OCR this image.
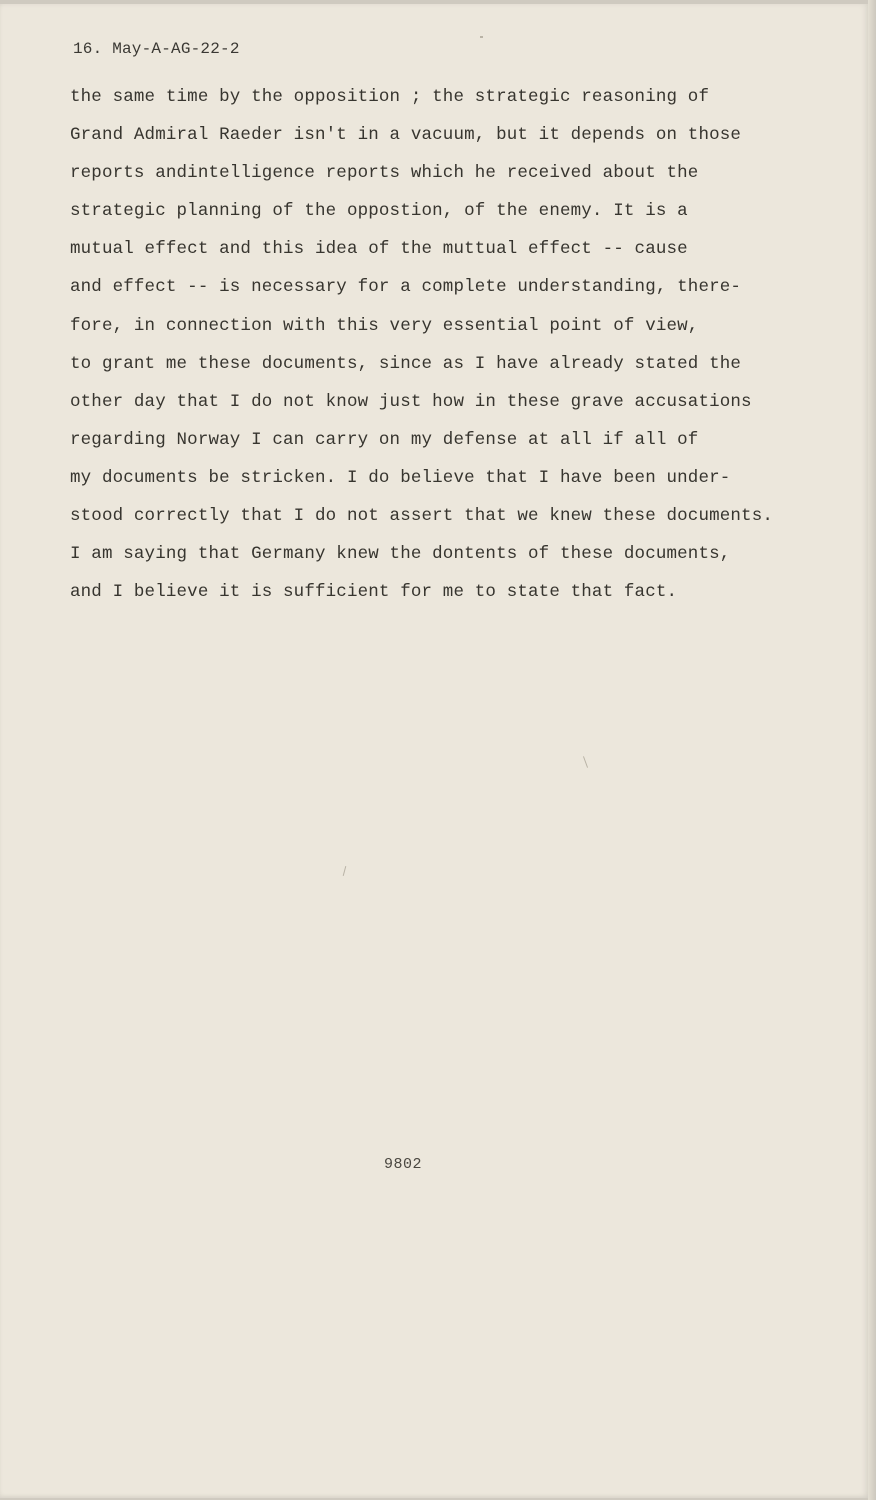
16. May-A-AG-22-2
the same time by the opposition ; the strategic reasoning of
Grand Admiral Raeder isn't in a vacuum, but it depends on those
reports andintelligence reports which he received about the
strategic planning of the oppostion, of the enemy. It is a
mutual effect and this idea of the muttual effect -- cause
and effect -- is necessary for a complete understanding, there-
fore, in connection with this very essential point of view,
to grant me these documents, since as I have already stated the
other day that I do not know just how in these grave accusations
regarding Norway I can carry on my defense at all if all of
my documents be stricken. I do believe that I have been under-
stood correctly that I do not assert that we knew these documents.
I am saying that Germany knew the dontents of these documents,
and I believe it is sufficient for me to state that fact.
9802
